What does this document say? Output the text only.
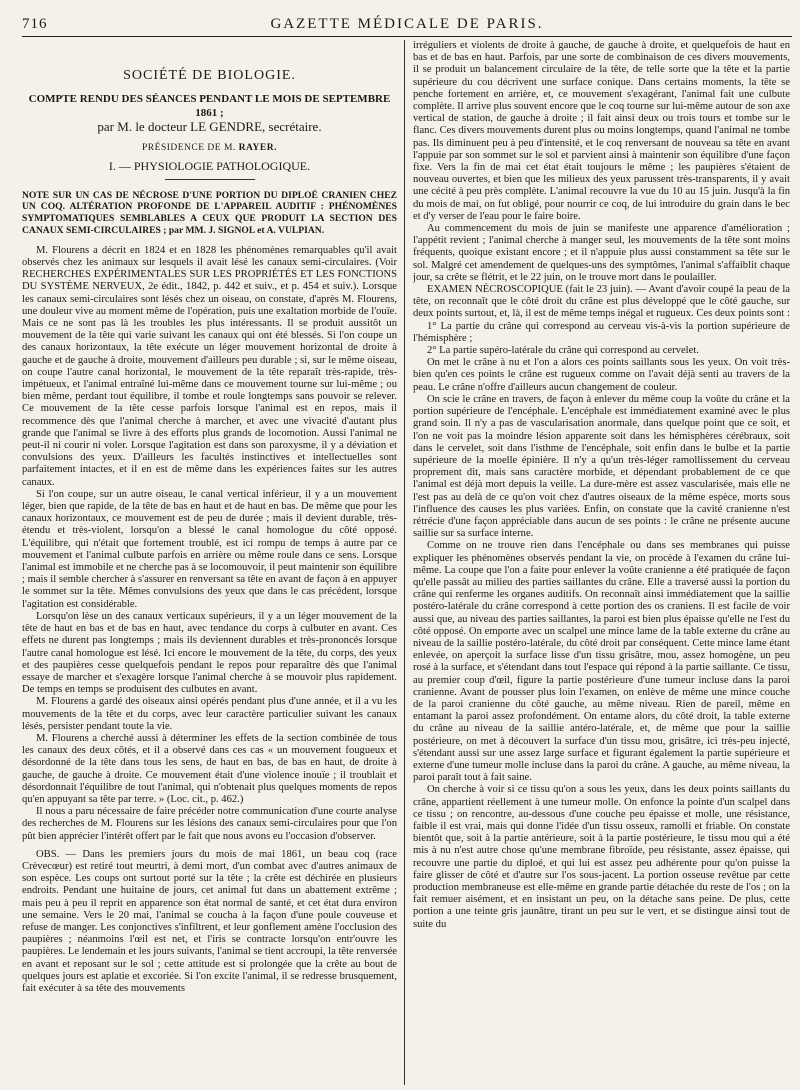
716	GAZETTE MÉDICALE DE PARIS.
SOCIÉTÉ DE BIOLOGIE.
COMPTE RENDU DES SÉANCES PENDANT LE MOIS DE SEPTEMBRE 1861 ;
par M. le docteur LE GENDRE, secrétaire.
PRÉSIDENCE DE M. RAYER.
I. — PHYSIOLOGIE PATHOLOGIQUE.
NOTE SUR UN CAS DE NÉCROSE D'UNE PORTION DU DIPLOÉ CRANIEN CHEZ UN COQ. ALTÉRATION PROFONDE DE L'APPAREIL AUDITIF : PHÉNOMÈNES SYMPTOMATIQUES SEMBLABLES A CEUX QUE PRODUIT LA SECTION DES CANAUX SEMI-CIRCULAIRES ; par MM. J. SIGNOL et A. VULPIAN.

M. Flourens a décrit en 1824 et en 1828 les phénomènes remarquables qu'il avait observés chez les animaux sur lesquels il avait lésé les canaux semi-circulaires. (Voir RECHERCHES EXPÉRIMENTALES SUR LES PROPRIÉTÉS ET LES FONCTIONS DU SYSTÈME NERVEUX, 2e édit., 1842, p. 442 et suiv., et p. 454 et suiv.). Lorsque les canaux semi-circulaires sont lésés chez un oiseau, on constate, d'après M. Flourens, une douleur vive au moment même de l'opération, puis une exaltation morbide de l'ouïe. Mais ce ne sont pas là les troubles les plus intéressants. Il se produit aussitôt un mouvement de la tête qui varie suivant les canaux qui ont été blessés. Si l'on coupe un des canaux horizontaux, la tête exécute un léger mouvement horizontal de droite à gauche et de gauche à droite, mouvement d'ailleurs peu durable ; si, sur le même oiseau, on coupe l'autre canal horizontal, le mouvement de la tête reparaît très-rapide, très-impétueux, et l'animal entraîné lui-même dans ce mouvement tourne sur lui-même ; ou bien même, perdant tout équilibre, il tombe et roule longtemps sans pouvoir se relever. Ce mouvement de la tête cesse parfois lorsque l'animal est en repos, mais il recommence dès que l'animal cherche à marcher, et avec une vivacité d'autant plus grande que l'animal se livre à des efforts plus grands de locomotion. Aussi l'animal ne peut-il ni courir ni voler. Lorsque l'agitation est dans son paroxysme, il y a déviation et convulsions des yeux. D'ailleurs les facultés instinctives et intellectuelles sont parfaitement intactes, et il en est de même dans les expériences faites sur les autres canaux.

Si l'on coupe, sur un autre oiseau, le canal vertical inférieur, il y a un mouvement léger, bien que rapide, de la tête de bas en haut et de haut en bas. De même que pour les canaux horizontaux, ce mouvement est de peu de durée ; mais il devient durable, très-étendu et très-violent, lorsqu'on a blessé le canal homologue du côté opposé. L'équilibre, qui n'était que fortement troublé, est ici rompu de temps à autre par ce mouvement et l'animal culbute parfois en arrière ou même roule dans ce sens. Lorsque l'animal est immobile et ne cherche pas à se locomouvoir, il peut maintenir son équilibre ; mais il semble chercher à s'assurer en renversant sa tête en avant de façon à en appuyer le sommet sur la tête. Mêmes convulsions des yeux que dans le cas précédent, lorsque l'agitation est considérable.

Lorsqu'on lèse un des canaux verticaux supérieurs, il y a un léger mouvement de la tête de haut en bas et de bas en haut, avec tendance du corps à culbuter en avant. Ces effets ne durent pas longtemps ; mais ils deviennent durables et très-prononcés lorsque l'autre canal homologue est lésé. Ici encore le mouvement de la tête, du corps, des yeux et des paupières cesse quelquefois pendant le repos pour reparaître dès que l'animal essaye de marcher et s'exagère lorsque l'animal cherche à se mouvoir plus rapidement. De temps en temps se produisent des culbutes en avant.

M. Flourens a gardé des oiseaux ainsi opérés pendant plus d'une année, et il a vu les mouvements de la tête et du corps, avec leur caractère particulier suivant les canaux lésés, persister pendant toute la vie.

M. Flourens a cherché aussi à déterminer les effets de la section combinée de tous les canaux des deux côtés, et il a observé dans ces cas « un mouvement fougueux et désordonné de la tête dans tous les sens, de haut en bas, de bas en haut, de droite à gauche, de gauche à droite. Ce mouvement était d'une violence inouïe ; il troublait et désordonnait l'équilibre de tout l'animal, qui n'obtenait plus quelques moments de repos qu'en appuyant sa tête par terre. » (Loc. cit., p. 462.)

Il nous a paru nécessaire de faire précéder notre communication d'une courte analyse des recherches de M. Flourens sur les lésions des canaux semi-circulaires pour que l'on pût bien apprécier l'intérêt offert par le fait que nous avons eu l'occasion d'observer.

OBS. — Dans les premiers jours du mois de mai 1861, un beau coq (race Crèvecœur) est retiré tout meurtri, à demi mort, d'un combat avec d'autres animaux de son espèce. Les coups ont surtout porté sur la tête ; la crête est déchirée en plusieurs endroits. Pendant une huitaine de jours, cet animal fut dans un abattement extrême ; mais peu à peu il reprit en apparence son état normal de santé, et cet état dura environ une semaine. Vers le 20 mai, l'animal se coucha à la façon d'une poule couveuse et refuse de manger. Les conjonctives s'infiltrent, et leur gonflement amène l'occlusion des paupières ; néanmoins l'œil est net, et l'iris se contracte lorsqu'on entr'ouvre les paupières. Le lendemain et les jours suivants, l'animal se tient accroupi, la tête renversée en avant et reposant sur le sol ; cette attitude est si prolongée que la crête au bout de quelques jours est aplatie et excoriée. Si l'on excite l'animal, il se redresse brusquement, fait exécuter à sa tête des mouvements

irréguliers et violents de droite à gauche, de gauche à droite, et quelquefois de haut en bas et de bas en haut. Parfois, par une sorte de combinaison de ces divers mouvements, il se produit un balancement circulaire de la tête, de telle sorte que la tête et la partie supérieure du cou décrivent une surface conique. Dans certains moments, la tête se penche fortement en arrière, et, ce mouvement s'exagérant, l'animal fait une culbute complète. Il arrive plus souvent encore que le coq tourne sur lui-même autour de son axe vertical de station, de gauche à droite ; il fait ainsi deux ou trois tours et tombe sur le flanc. Ces divers mouvements durent plus ou moins longtemps, quand l'animal ne tombe pas. Ils diminuent peu à peu d'intensité, et le coq renversant de nouveau sa tête en avant l'appuie par son sommet sur le sol et parvient ainsi à maintenir son équilibre d'une façon fixe. Vers la fin de mai cet état était toujours le même ; les paupières s'étaient de nouveau ouvertes, et bien que les milieux des yeux parussent très-transparents, il y avait une cécité à peu près complète. L'animal recouvre la vue du 10 au 15 juin. Jusqu'à la fin du mois de mai, on fut obligé, pour nourrir ce coq, de lui introduire du grain dans le bec et d'y verser de l'eau pour le faire boire.

Au commencement du mois de juin se manifeste une apparence d'amélioration ; l'appétit revient ; l'animal cherche à manger seul, les mouvements de la tête sont moins fréquents, quoique existant encore ; et il n'appuie plus aussi constamment sa tête sur le sol. Malgré cet amendement de quelques-uns des symptômes, l'animal s'affaiblit chaque jour, sa crête se flétrit, et le 22 juin, on le trouve mort dans le poulailler.

EXAMEN NÉCROSCOPIQUE (fait le 23 juin). — Avant d'avoir coupé la peau de la tête, on reconnaît que le côté droit du crâne est plus développé que le côté gauche, sur deux points surtout, et, là, il est de même temps inégal et rugueux. Ces deux points sont :

1° La partie du crâne qui correspond au cerveau vis-à-vis la portion supérieure de l'hémisphère ;

2° La partie supéro-latérale du crâne qui correspond au cervelet.

On met le crâne à nu et l'on a alors ces points saillants sous les yeux. On voit très-bien qu'en ces points le crâne est rugueux comme on l'avait déjà senti au travers de la peau. Le crâne n'offre d'ailleurs aucun changement de couleur.

On scie le crâne en travers, de façon à enlever du même coup la voûte du crâne et la portion supérieure de l'encéphale. L'encéphale est immédiatement examiné avec le plus grand soin. Il n'y a pas de vascularisation anormale, dans quelque point que ce soit, et l'on ne voit pas la moindre lésion apparente soit dans les hémisphères cérébraux, soit dans le cervelet, soit dans l'isthme de l'encéphale, soit enfin dans le bulbe et la partie supérieure de la moelle épinière. Il n'y a qu'un très-léger ramollissement du cerveau proprement dit, mais sans caractère morbide, et dépendant probablement de ce que l'animal est déjà mort depuis la veille. La dure-mère est assez vascularisée, mais elle ne l'est pas au delà de ce qu'on voit chez d'autres oiseaux de la même espèce, morts sous l'influence des causes les plus variées. Enfin, on constate que la cavité cranienne n'est rétrécie d'une façon appréciable dans aucun de ses points : le crâne ne présente aucune saillie sur sa surface interne.

Comme on ne trouve rien dans l'encéphale ou dans ses membranes qui puisse expliquer les phénomènes observés pendant la vie, on procède à l'examen du crâne lui-même. La coupe que l'on a faite pour enlever la voûte cranienne a été pratiquée de façon qu'elle passât au milieu des parties saillantes du crâne. Elle a traversé aussi la portion du crâne qui renferme les organes auditifs. On reconnaît ainsi immédiatement que la saillie postéro-latérale du crâne correspond à cette portion des os craniens. Il est facile de voir aussi que, au niveau des parties saillantes, la paroi est bien plus épaisse qu'elle ne l'est du côté opposé. On emporte avec un scalpel une mince lame de la table externe du crâne au niveau de la saillie postéro-latérale, du côté droit par conséquent. Cette mince lame étant enlevée, on aperçoit la surface lisse d'un tissu grisâtre, mou, assez homogène, un peu rosé à la surface, et s'étendant dans tout l'espace qui répond à la partie saillante. Ce tissu, au premier coup d'œil, figure la partie postérieure d'une tumeur incluse dans la paroi cranienne. Avant de pousser plus loin l'examen, on enlève de même une mince couche de la paroi cranienne du côté gauche, au même niveau. Rien de pareil, même en entamant la paroi assez profondément. On entame alors, du côté droit, la table externe du crâne au niveau de la saillie antéro-latérale, et, de même que pour la saillie postérieure, on met à découvert la surface d'un tissu mou, grisâtre, ici très-peu injecté, s'étendant aussi sur une assez large surface et figurant également la partie supérieure et externe d'une tumeur molle incluse dans la paroi du crâne. A gauche, au même niveau, la paroi paraît tout à fait saine.

On cherche à voir si ce tissu qu'on a sous les yeux, dans les deux points saillants du crâne, appartient réellement à une tumeur molle. On enfonce la pointe d'un scalpel dans ce tissu ; on rencontre, au-dessous d'une couche peu épaisse et molle, une résistance, faible il est vrai, mais qui donne l'idée d'un tissu osseux, ramolli et friable. On constate bientôt que, soit à la partie antérieure, soit à la partie postérieure, le tissu mou qui a été mis à nu n'est autre chose qu'une membrane fibroïde, peu résistante, assez épaisse, qui recouvre une partie du diploé, et qui lui est assez peu adhérente pour qu'on puisse la faire glisser de côté et d'autre sur l'os sous-jacent. La portion osseuse revêtue par cette production membraneuse est elle-même en grande partie détachée du reste de l'os ; on la fait remuer aisément, et en insistant un peu, on la détache sans peine. De plus, cette portion a une teinte gris jaunâtre, tirant un peu sur le vert, et se distingue ainsi tout de suite du
